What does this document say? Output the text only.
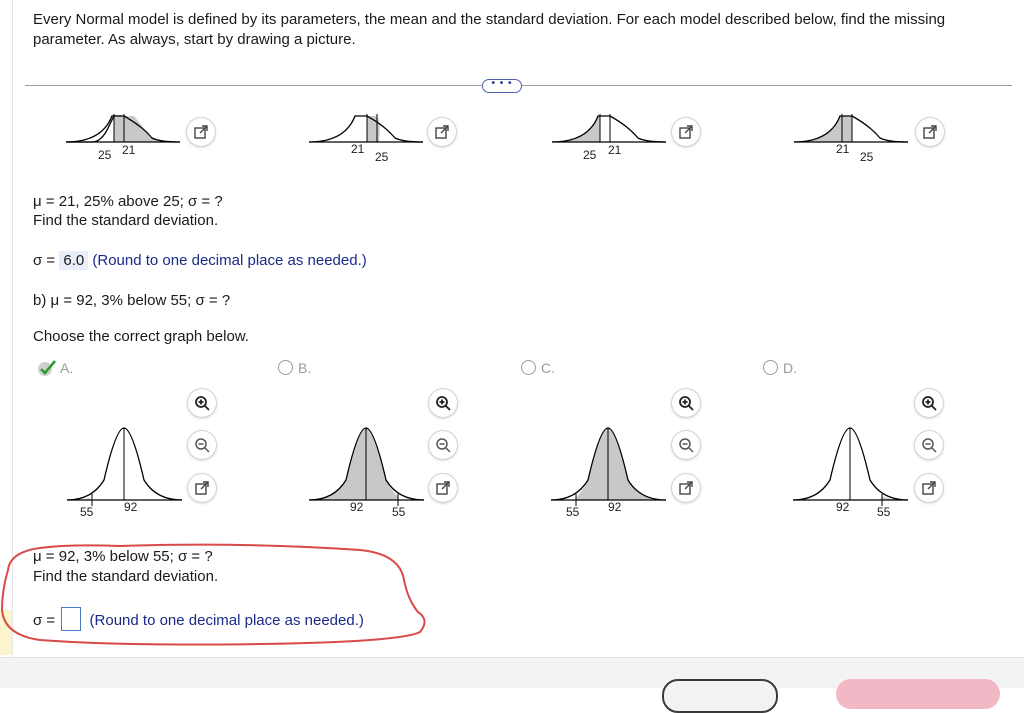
Every Normal model is defined by its parameters, the mean and the standard deviation. For each model described below, find the missing parameter. As always, start by drawing a picture.
• • •
25 21	21
25	25 21	21
25
μ = 21, 25% above 25; σ = ?
Find the standard deviation.
σ = 6.0 (Round to one decimal place as needed.)
b) μ = 92, 3% below 55; σ = ?
Choose the correct graph below.
A.	B.	C.	D.
55	92	92 55	55 92	92 55
μ = 92, 3% below 55; σ = ?
Find the standard deviation.
σ = (Round to one decimal place as needed.)
